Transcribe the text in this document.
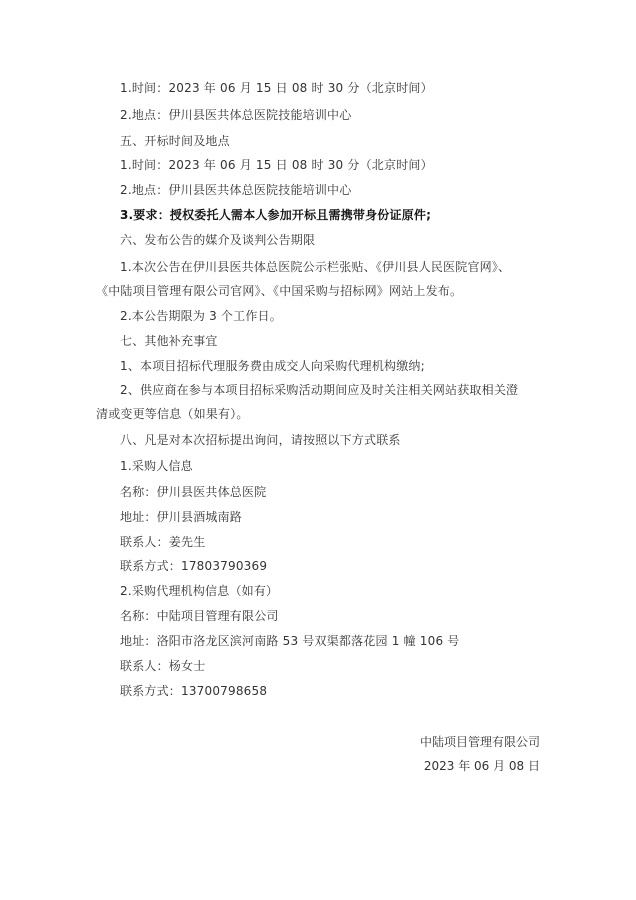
1.时间：2023 年 06 月 15 日 08 时 30 分（北京时间）
2.地点：伊川县医共体总医院技能培训中心
五、开标时间及地点
1.时间：2023 年 06 月 15 日 08 时 30 分（北京时间）
2.地点：伊川县医共体总医院技能培训中心
3.要求：授权委托人需本人参加开标且需携带身份证原件;
六、发布公告的媒介及谈判公告期限
1.本次公告在伊川县医共体总医院公示栏张贴、《伊川县人民医院官网》、
《中陆项目管理有限公司官网》、《中国采购与招标网》网站上发布。
2.本公告期限为 3 个工作日。
七、其他补充事宜
1、本项目招标代理服务费由成交人向采购代理机构缴纳;
2、供应商在参与本项目招标采购活动期间应及时关注相关网站获取相关澄
清或变更等信息（如果有）。
八、凡是对本次招标提出询问，请按照以下方式联系
1.采购人信息
名称：伊川县医共体总医院
地址：伊川县酒城南路
联系人：姜先生
联系方式：17803790369
2.采购代理机构信息（如有）
名称：中陆项目管理有限公司
地址：洛阳市洛龙区滨河南路 53 号双渠都落花园 1 幢 106 号
联系人：杨女士
联系方式：13700798658
中陆项目管理有限公司
2023 年 06 月 08 日
